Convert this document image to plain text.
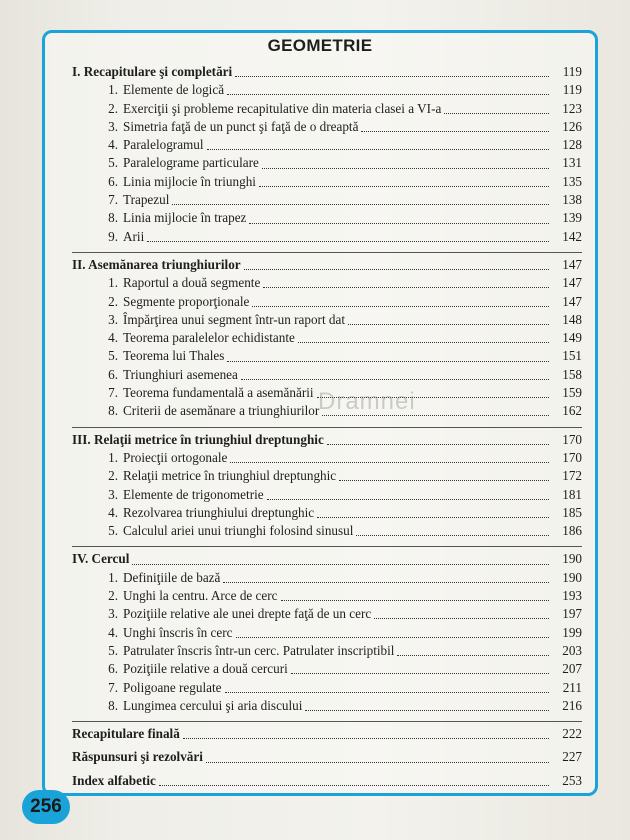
GEOMETRIE
I. Recapitulare şi completări	119
1. Elemente de logică	119
2. Exerciţii şi probleme recapitulative din materia clasei a VI-a	123
3. Simetria faţă de un punct şi faţă de o dreaptă	126
4. Paralelogramul	128
5. Paralelograme particulare	131
6. Linia mijlocie în triunghi	135
7. Trapezul	138
8. Linia mijlocie în trapez	139
9. Arii	142
II. Asemănarea triunghiurilor	147
1. Raportul a două segmente	147
2. Segmente proporţionale	147
3. Împărţirea unui segment într-un raport dat	148
4. Teorema paralelelor echidistante	149
5. Teorema lui Thales	151
6. Triunghiuri asemenea	158
7. Teorema fundamentală a asemănării	159
8. Criterii de asemănare a triunghiurilor	162
III. Relaţii metrice în triunghiul dreptunghic	170
1. Proiecţii ortogonale	170
2. Relaţii metrice în triunghiul dreptunghic	172
3. Elemente de trigonometrie	181
4. Rezolvarea triunghiului dreptunghic	185
5. Calculul ariei unui triunghi folosind sinusul	186
IV. Cercul	190
1. Definiţiile de bază	190
2. Unghi la centru. Arce de cerc	193
3. Poziţiile relative ale unei drepte faţă de un cerc	197
4. Unghi înscris în cerc	199
5. Patrulater înscris într-un cerc. Patrulater inscriptibil	203
6. Poziţiile relative a două cercuri	207
7. Poligoane regulate	211
8. Lungimea cercului şi aria discului	216
Recapitulare finală	222
Răspunsuri şi rezolvări	227
Index alfabetic	253
Dramnei
256
